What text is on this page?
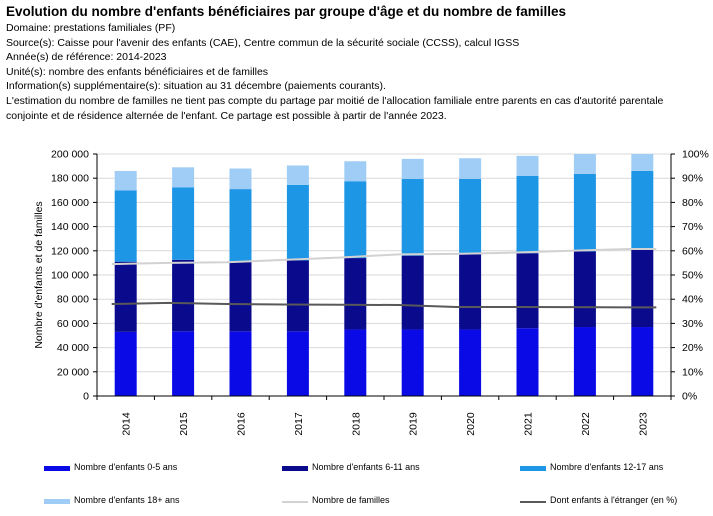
Evolution du nombre d'enfants bénéficiaires par groupe d'âge et du nombre de familles

Domaine: prestations familiales (PF)

Source(s): Caisse pour l'avenir des enfants (CAE), Centre commun de la sécurité sociale (CCSS), calcul IGSS

Année(s) de référence: 2014-2023

Unité(s): nombre des enfants bénéficiaires et de familles

Information(s) supplémentaire(s): situation au 31 décembre (paiements courants).

L'estimation du nombre de familles ne tient pas compte du partage par moitié de l'allocation familiale entre parents en cas d'autorité parentale conjointe et de résidence alternée de l'enfant. Ce partage est possible à partir de l'année 2023.

0
20 000
40 000
60 000
80 000
100 000
120 000
140 000
160 000
180 000
200 000
0%
10%
20%
30%
40%
50%
60%
70%
80%
90%
100%
2014	2015	2016	2017	2018	2019	2020	2021	2022	2023
Nombre d'enfants et de familles
Nombre d'enfants 0-5 ans	Nombre d'enfants 6-11 ans	Nombre d'enfants 12-17 ans
Nombre d'enfants 18+ ans	Nombre de familles	Dont enfants à l'étranger (en %)
